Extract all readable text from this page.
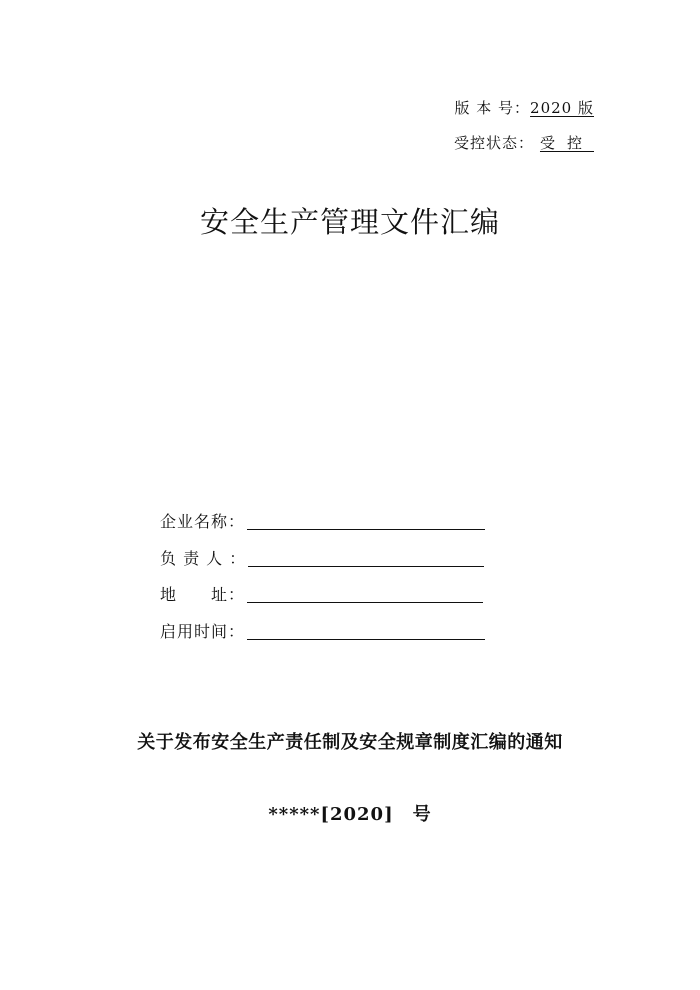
版 本 号：2020 版
受控状态： 受控
安全生产管理文件汇编
企业名称：
负 责 人 ：
地　　址：
启用时间：
关于发布安全生产责任制及安全规章制度汇编的通知
*****[2020]　号
